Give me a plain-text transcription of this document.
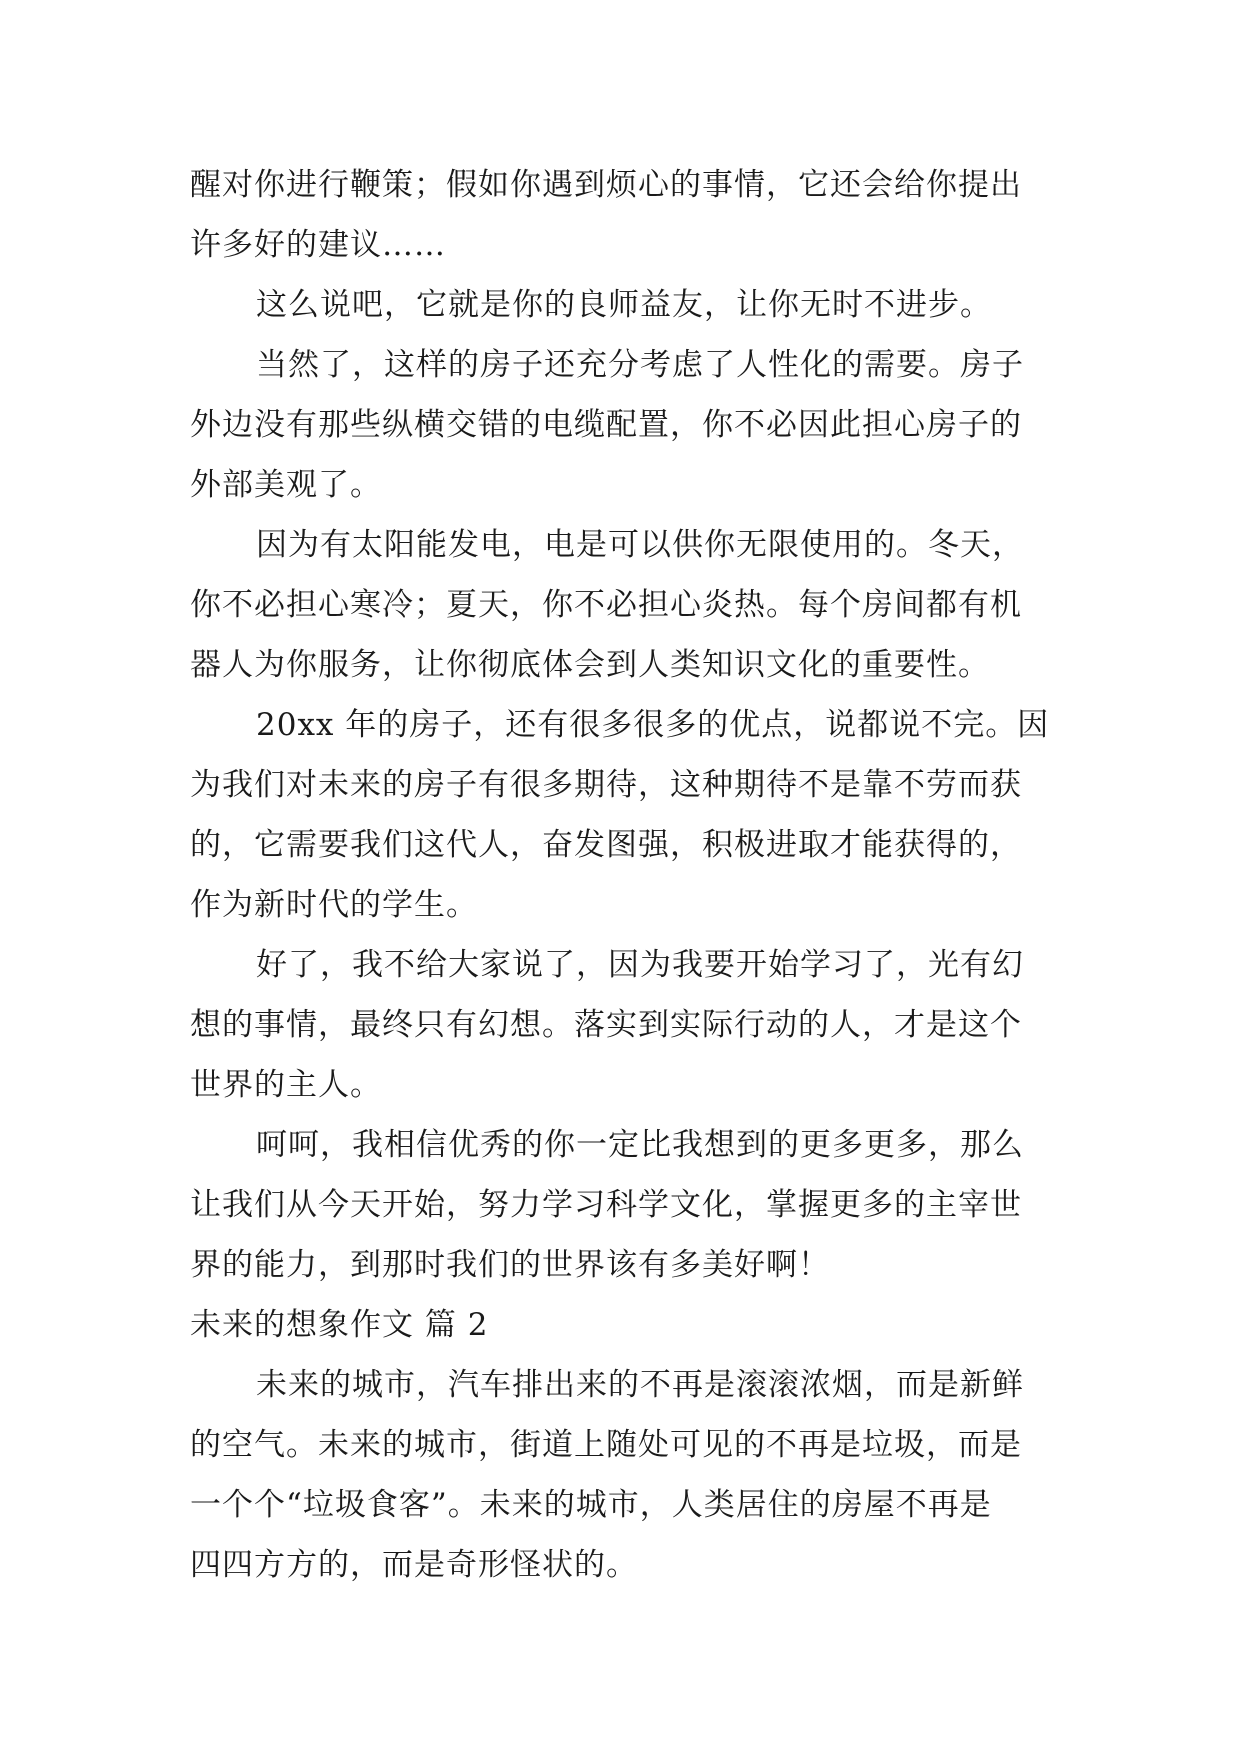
醒对你进行鞭策；假如你遇到烦心的事情，它还会给你提出
许多好的建议……
这么说吧，它就是你的良师益友，让你无时不进步。
当然了，这样的房子还充分考虑了人性化的需要。房子
外边没有那些纵横交错的电缆配置，你不必因此担心房子的
外部美观了。
因为有太阳能发电，电是可以供你无限使用的。冬天，
你不必担心寒冷；夏天，你不必担心炎热。每个房间都有机
器人为你服务，让你彻底体会到人类知识文化的重要性。
20xx 年的房子，还有很多很多的优点，说都说不完。因
为我们对未来的房子有很多期待，这种期待不是靠不劳而获
的，它需要我们这代人，奋发图强，积极进取才能获得的，
作为新时代的学生。
好了，我不给大家说了，因为我要开始学习了，光有幻
想的事情，最终只有幻想。落实到实际行动的人，才是这个
世界的主人。
呵呵，我相信优秀的你一定比我想到的更多更多，那么
让我们从今天开始，努力学习科学文化，掌握更多的主宰世
界的能力，到那时我们的世界该有多美好啊！
未来的想象作文 篇 2
未来的城市，汽车排出来的不再是滚滚浓烟，而是新鲜
的空气。未来的城市，街道上随处可见的不再是垃圾，而是
一个个“垃圾食客”。未来的城市，人类居住的房屋不再是
四四方方的，而是奇形怪状的。
